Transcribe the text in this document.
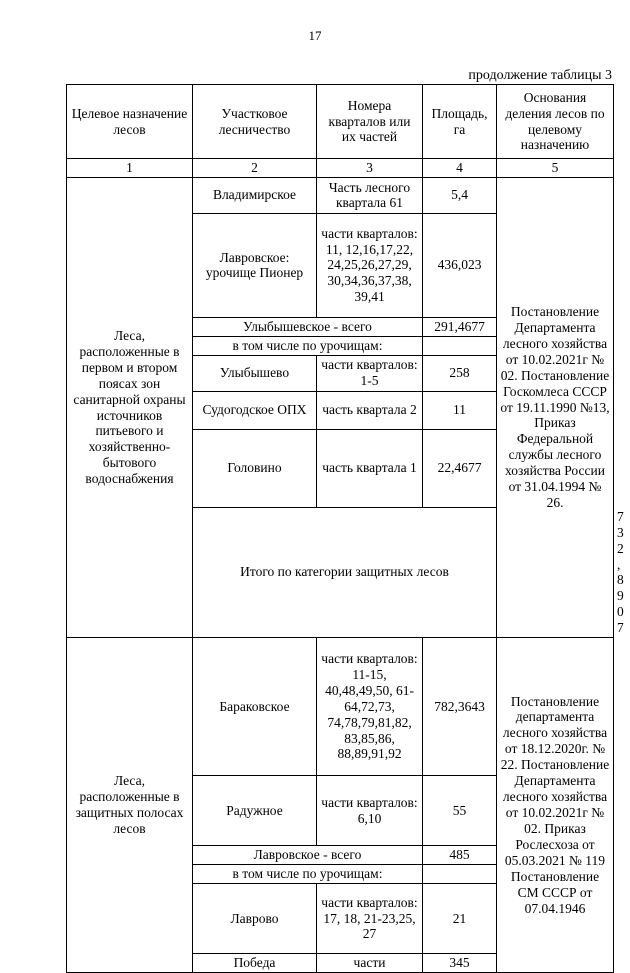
17
продолжение таблицы 3
Целевое назначение лесов	Участковое лесничество	Номера кварталов или их частей	Площадь, га	Основания деления лесов по целевому назначению	
1	2	3	4	5	
Леса, расположенные в первом и втором поясах зон санитарной охраны источников питьевого и хозяйственно-бытового водоснабжения	Владимирское	Часть лесного квартала 61	5,4	Постановление Департамента лесного хозяйства от 10.02.2021г № 02. Постановление Госкомлеса СССР от 19.11.1990 №13, Приказ Федеральной службы лесного хозяйства России от 31.04.1994 № 26.	
	Лавровское: урочище Пионер	части кварталов: 11, 12,16,17,22, 24,25,26,27,29, 30,34,36,37,38, 39,41	436,023		
	Улыбышевское - всего		291,4677		
	в том числе по урочищам:				
	Улыбышево	части кварталов: 1-5	258		
	Судогодское ОПХ	часть квартала 2	11		
	Головино	часть квартала 1	22,4677		
	Итого по категории защитных лесов				732,8907	
Леса, расположенные в защитных полосах лесов	Бараковское	части кварталов: 11-15, 40,48,49,50, 61-64,72,73, 74,78,79,81,82, 83,85,86, 88,89,91,92	782,3643	Постановление департамента лесного хозяйства от 18.12.2020г. № 22. Постановление Департамента лесного хозяйства от 10.02.2021г № 02. Приказ Рослесхоза от 05.03.2021 № 119 Постановление СМ СССР от 07.04.1946	
	Радужное	части кварталов: 6,10	55		
	Лавровское - всего		485		
	в том числе по урочищам:				
	Лаврово	части кварталов: 17, 18, 21-23,25, 27	21		
	Победа	части	345		
